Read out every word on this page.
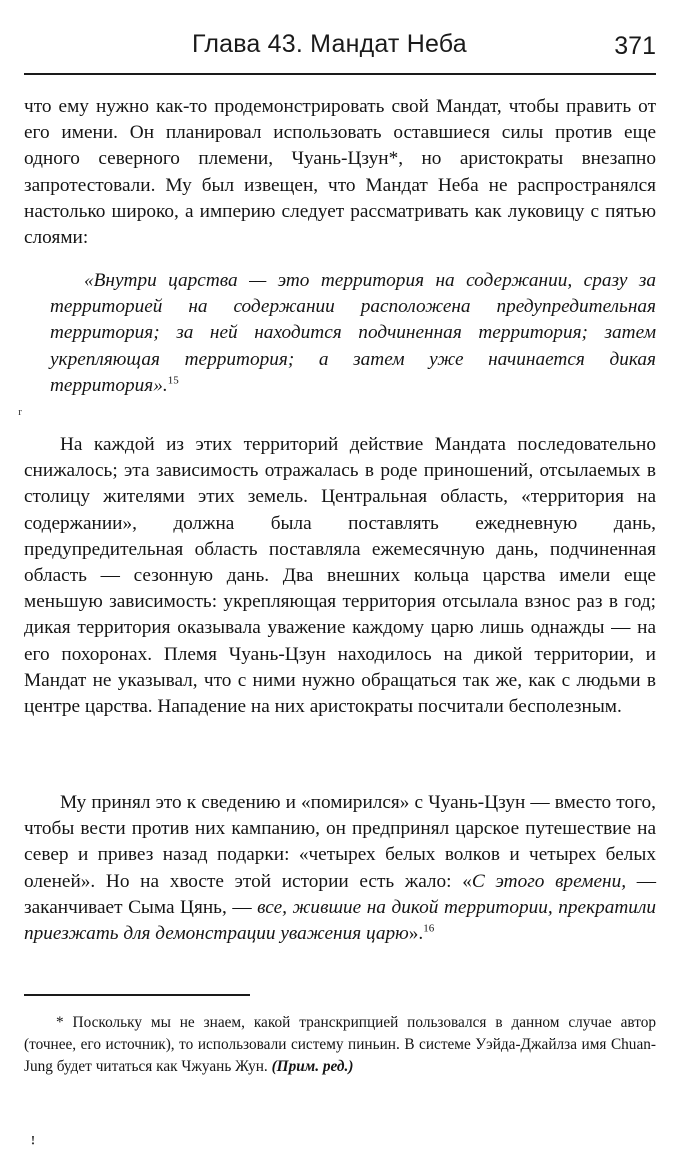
Глава 43. Мандат Неба	371

что ему нужно как-то продемонстрировать свой Мандат, чтобы править от его имени. Он планировал использовать оставшиеся силы против еще одного северного племени, Чуань-Цзун*, но аристократы внезапно запротестовали. Му был извещен, что Мандат Неба не распространялся настолько широко, а империю следует рассматривать как луковицу с пятью слоями:

«Внутри царства — это территория на содержании, сразу за территорией на содержании расположена предупредительная территория; за ней находится подчиненная территория; затем укрепляющая территория; а затем уже начинается дикая территория».$^{15}$

ʳ

На каждой из этих территорий действие Мандата последовательно снижалось; эта зависимость отражалась в роде приношений, отсылаемых в столицу жителями этих земель. Центральная область, «территория на содержании», должна была поставлять ежедневную дань, предупредительная область поставляла ежемесячную дань, подчиненная область — сезонную дань. Два внешних кольца царства имели еще меньшую зависимость: укрепляющая территория отсылала взнос раз в год; дикая территория оказывала уважение каждому царю лишь однажды — на его похоронах. Племя Чуань-Цзун находилось на дикой территории, и Мандат не указывал, что с ними нужно обращаться так же, как с людьми в центре царства. Нападение на них аристократы посчитали бесполезным.

Му принял это к сведению и «помирился» с Чуань-Цзун — вместо того, чтобы вести против них кампанию, он предпринял царское путешествие на север и привез назад подарки: «четырех белых волков и четырех белых оленей». Но на хвосте этой истории есть жало: «С этого времени, — заканчивает Сыма Цянь, — все, жившие на дикой территории, прекратили приезжать для демонстрации уважения царю».$^{16}$

* Поскольку мы не знаем, какой транскрипцией пользовался в данном случае автор (точнее, его источник), то использовали систему пиньин. В системе Уэйда-Джайлза имя Chuan-Jung будет читаться как Чжуань Жун. (Прим. ред.)

ꜝ
